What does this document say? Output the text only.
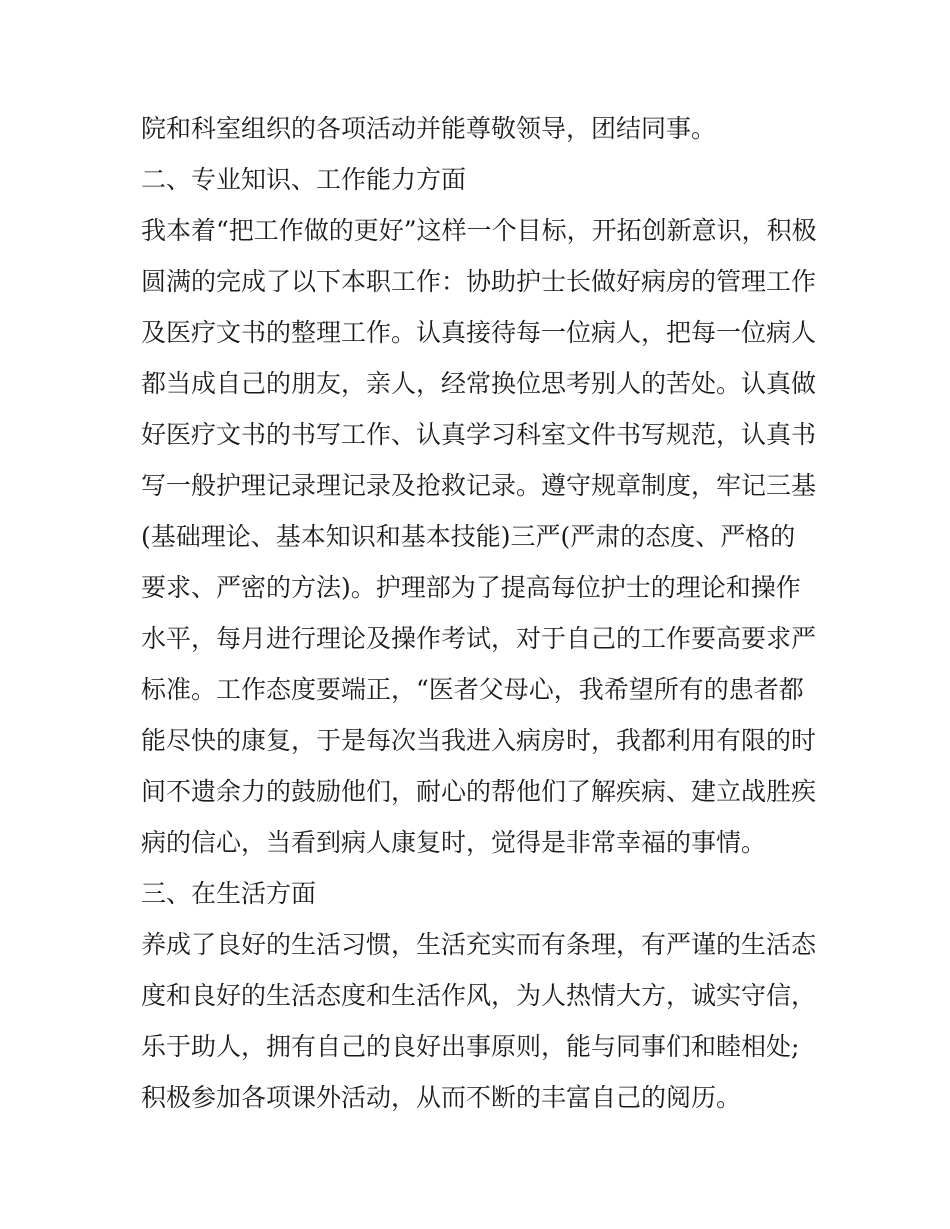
院和科室组织的各项活动并能尊敬领导，团结同事。
二、专业知识、工作能力方面
我本着“把工作做的更好”这样一个目标，开拓创新意识，积极
圆满的完成了以下本职工作：协助护士长做好病房的管理工作
及医疗文书的整理工作。认真接待每一位病人，把每一位病人
都当成自己的朋友，亲人，经常换位思考别人的苦处。认真做
好医疗文书的书写工作、认真学习科室文件书写规范，认真书
写一般护理记录理记录及抢救记录。遵守规章制度，牢记三基
(基础理论、基本知识和基本技能)三严(严肃的态度、严格的
要求、严密的方法)。护理部为了提高每位护士的理论和操作
水平，每月进行理论及操作考试，对于自己的工作要高要求严
标准。工作态度要端正，“医者父母心，我希望所有的患者都
能尽快的康复，于是每次当我进入病房时，我都利用有限的时
间不遗余力的鼓励他们，耐心的帮他们了解疾病、建立战胜疾
病的信心，当看到病人康复时，觉得是非常幸福的事情。
三、在生活方面
养成了良好的生活习惯，生活充实而有条理，有严谨的生活态
度和良好的生活态度和生活作风，为人热情大方，诚实守信，
乐于助人，拥有自己的良好出事原则，能与同事们和睦相处;
积极参加各项课外活动，从而不断的丰富自己的阅历。
